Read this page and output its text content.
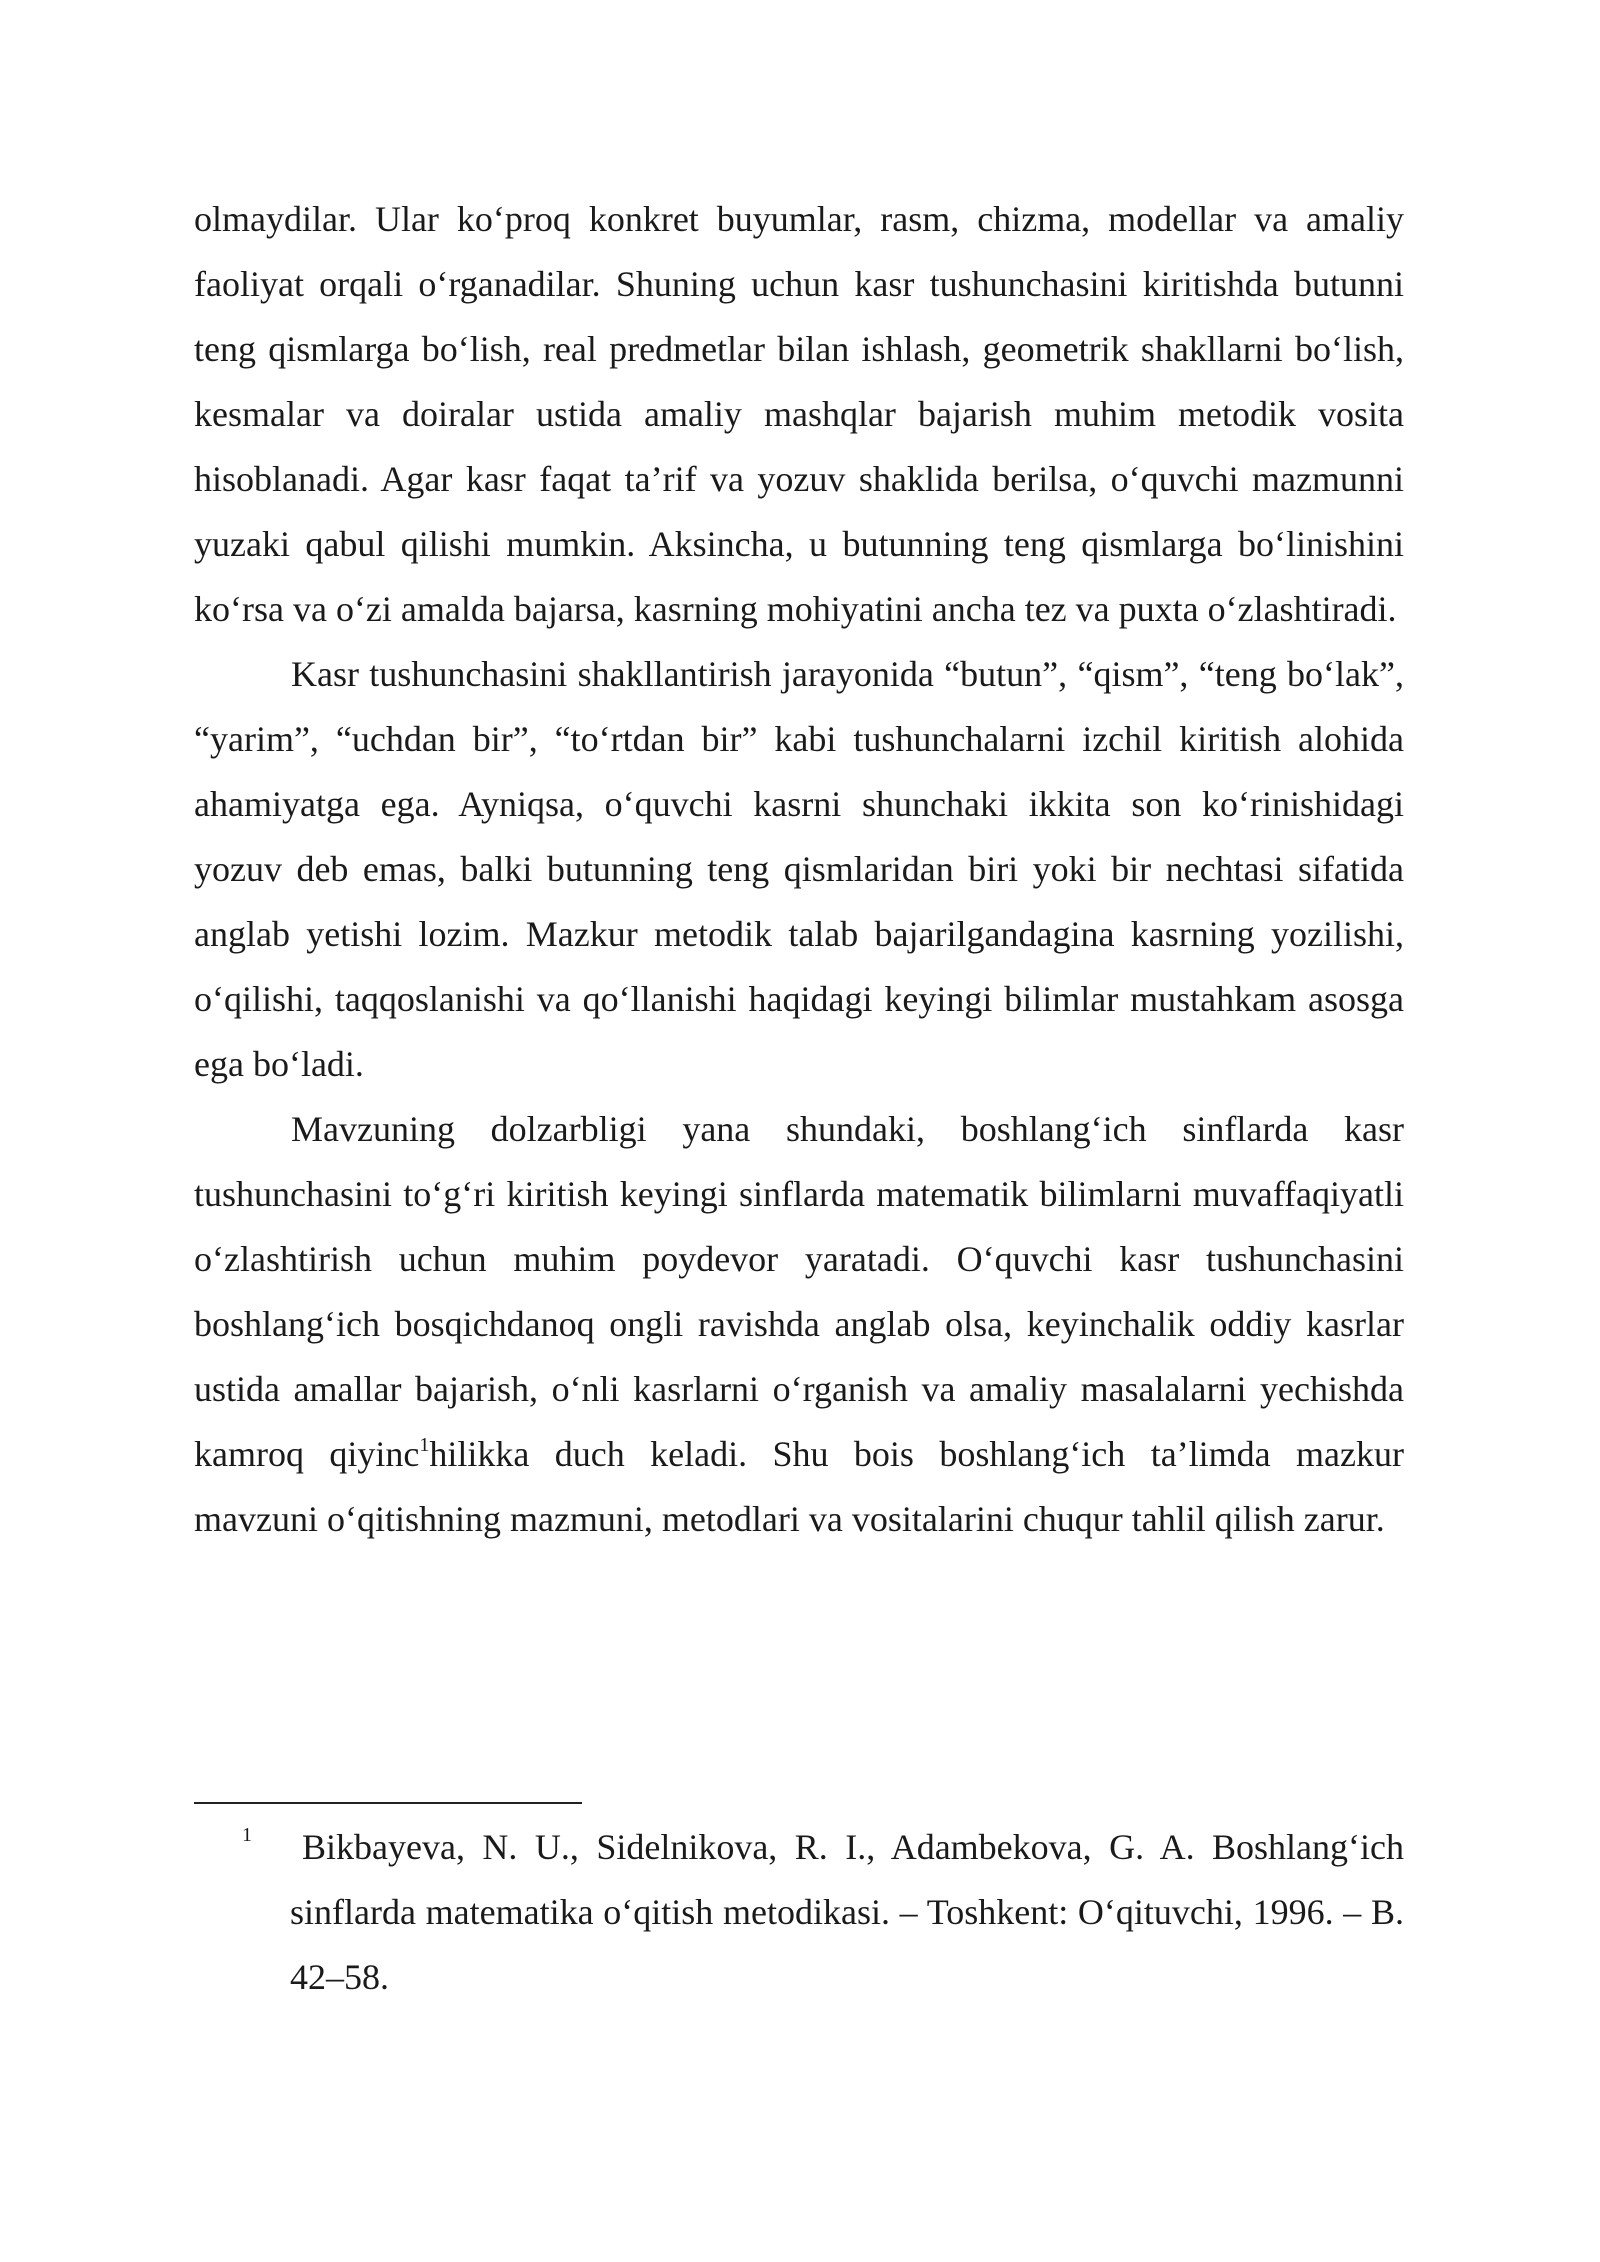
olmaydilar. Ular ko‘proq konkret buyumlar, rasm, chizma, modellar va amaliy faoliyat orqali o‘rganadilar. Shuning uchun kasr tushunchasini kiritishda butunni teng qismlarga bo‘lish, real predmetlar bilan ishlash, geometrik shakllarni bo‘lish, kesmalar va doiralar ustida amaliy mashqlar bajarish muhim metodik vosita hisoblanadi. Agar kasr faqat ta’rif va yozuv shaklida berilsa, o‘quvchi mazmunni yuzaki qabul qilishi mumkin. Aksincha, u butunning teng qismlarga bo‘linishini ko‘rsa va o‘zi amalda bajarsa, kasrning mohiyatini ancha tez va puxta o‘zlashtiradi.

Kasr tushunchasini shakllantirish jarayonida “butun”, “qism”, “teng bo‘lak”, “yarim”, “uchdan bir”, “to‘rtdan bir” kabi tushunchalarni izchil kiritish alohida ahamiyatga ega. Ayniqsa, o‘quvchi kasrni shunchaki ikkita son ko‘rinishidagi yozuv deb emas, balki butunning teng qismlaridan biri yoki bir nechtasi sifatida anglab yetishi lozim. Mazkur metodik talab bajarilgandagina kasrning yozilishi, o‘qilishi, taqqoslanishi va qo‘llanishi haqidagi keyingi bilimlar mustahkam asosga ega bo‘ladi.

Mavzuning dolzarbligi yana shundaki, boshlang‘ich sinflarda kasr tushunchasini to‘g‘ri kiritish keyingi sinflarda matematik bilimlarni muvaffaqiyatli o‘zlashtirish uchun muhim poydevor yaratadi. O‘quvchi kasr tushunchasini boshlang‘ich bosqichdanoq ongli ravishda anglab olsa, keyinchalik oddiy kasrlar ustida amallar bajarish, o‘nli kasrlarni o‘rganish va amaliy masalalarni yechishda kamroq qiyinc$^1$hilikka duch keladi. Shu bois boshlang‘ich ta’limda mazkur mavzuni o‘qitishning mazmuni, metodlari va vositalarini chuqur tahlil qilish zarur.

1	Bikbayeva, N. U., Sidelnikova, R. I., Adambekova, G. A. Boshlang‘ich sinflarda matematika o‘qitish metodikasi. – Toshkent: O‘qituvchi, 1996. – B. 42–58.
